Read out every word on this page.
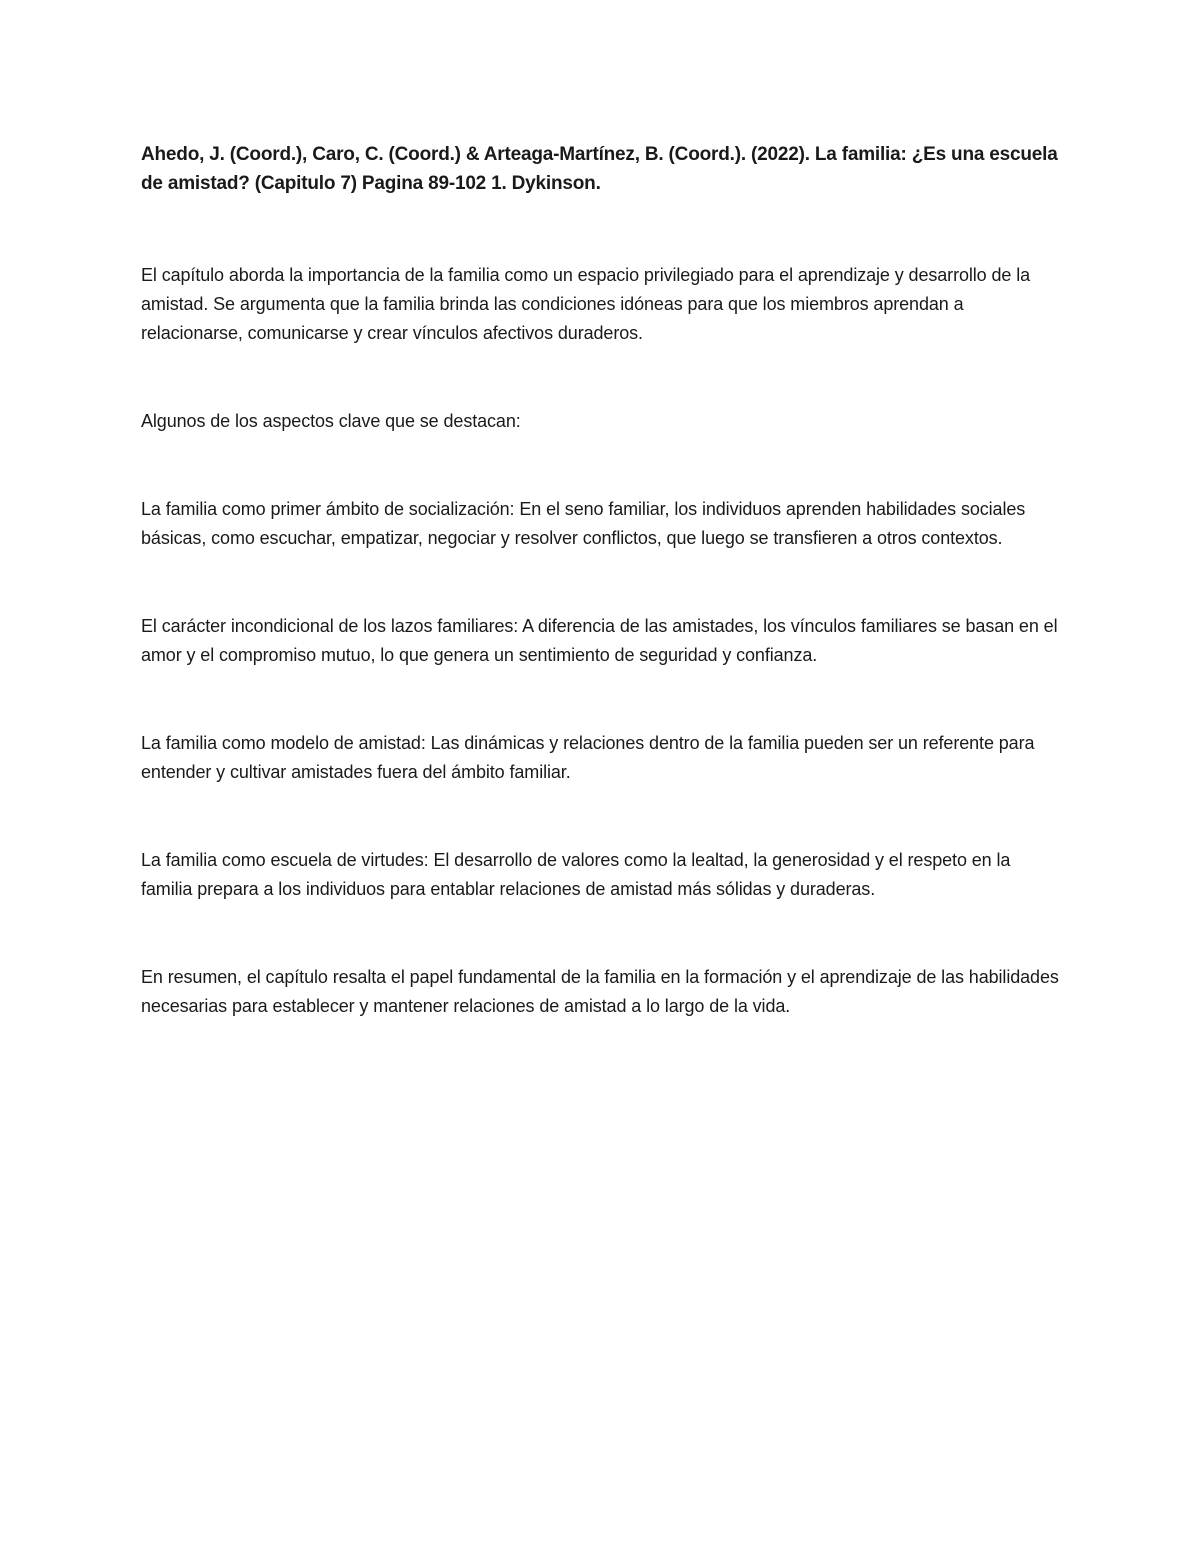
Ahedo, J. (Coord.), Caro, C. (Coord.) & Arteaga-Martínez, B. (Coord.). (2022). La familia: ¿Es una escuela de amistad? (Capitulo 7) Pagina 89-102 1. Dykinson.

El capítulo aborda la importancia de la familia como un espacio privilegiado para el aprendizaje y desarrollo de la amistad. Se argumenta que la familia brinda las condiciones idóneas para que los miembros aprendan a relacionarse, comunicarse y crear vínculos afectivos duraderos.

Algunos de los aspectos clave que se destacan:

La familia como primer ámbito de socialización: En el seno familiar, los individuos aprenden habilidades sociales básicas, como escuchar, empatizar, negociar y resolver conflictos, que luego se transfieren a otros contextos.

El carácter incondicional de los lazos familiares: A diferencia de las amistades, los vínculos familiares se basan en el amor y el compromiso mutuo, lo que genera un sentimiento de seguridad y confianza.

La familia como modelo de amistad: Las dinámicas y relaciones dentro de la familia pueden ser un referente para entender y cultivar amistades fuera del ámbito familiar.

La familia como escuela de virtudes: El desarrollo de valores como la lealtad, la generosidad y el respeto en la familia prepara a los individuos para entablar relaciones de amistad más sólidas y duraderas.

En resumen, el capítulo resalta el papel fundamental de la familia en la formación y el aprendizaje de las habilidades necesarias para establecer y mantener relaciones de amistad a lo largo de la vida.
